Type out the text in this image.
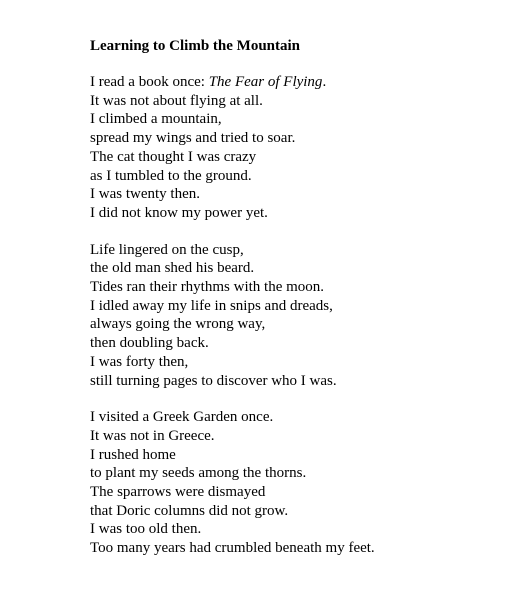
Learning to Climb the Mountain
I read a book once: The Fear of Flying.
It was not about flying at all.
I climbed a mountain,
spread my wings and tried to soar.
The cat thought I was crazy
as I tumbled to the ground.
I was twenty then.
I did not know my power yet.
Life lingered on the cusp,
the old man shed his beard.
Tides ran their rhythms with the moon.
I idled away my life in snips and dreads,
always going the wrong way,
then doubling back.
I was forty then,
still turning pages to discover who I was.
I visited a Greek Garden once.
It was not in Greece.
I rushed home
to plant my seeds among the thorns.
The sparrows were dismayed
that Doric columns did not grow.
I was too old then.
Too many years had crumbled beneath my feet.
